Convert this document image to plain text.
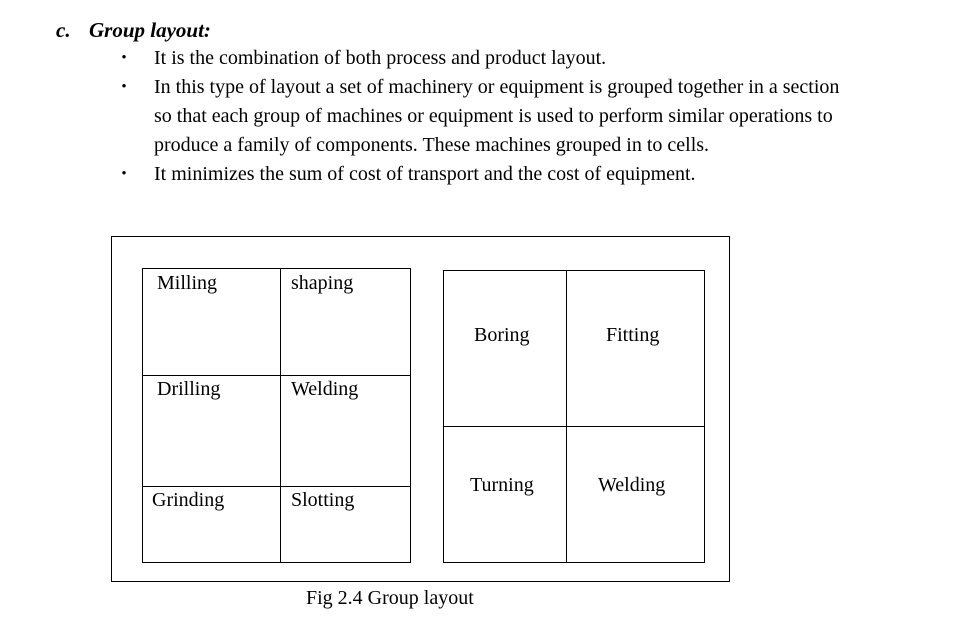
c. Group layout:
• It is the combination of both process and product layout.
• In this type of layout a set of machinery or equipment is grouped together in a section so that each group of machines or equipment is used to perform similar operations to produce a family of components. These machines grouped in to cells.
• It minimizes the sum of cost of transport and the cost of equipment.
Milling	shaping
Drilling	Welding
Grinding	Slotting
Boring	Fitting
Turning	Welding
Fig 2.4 Group layout
